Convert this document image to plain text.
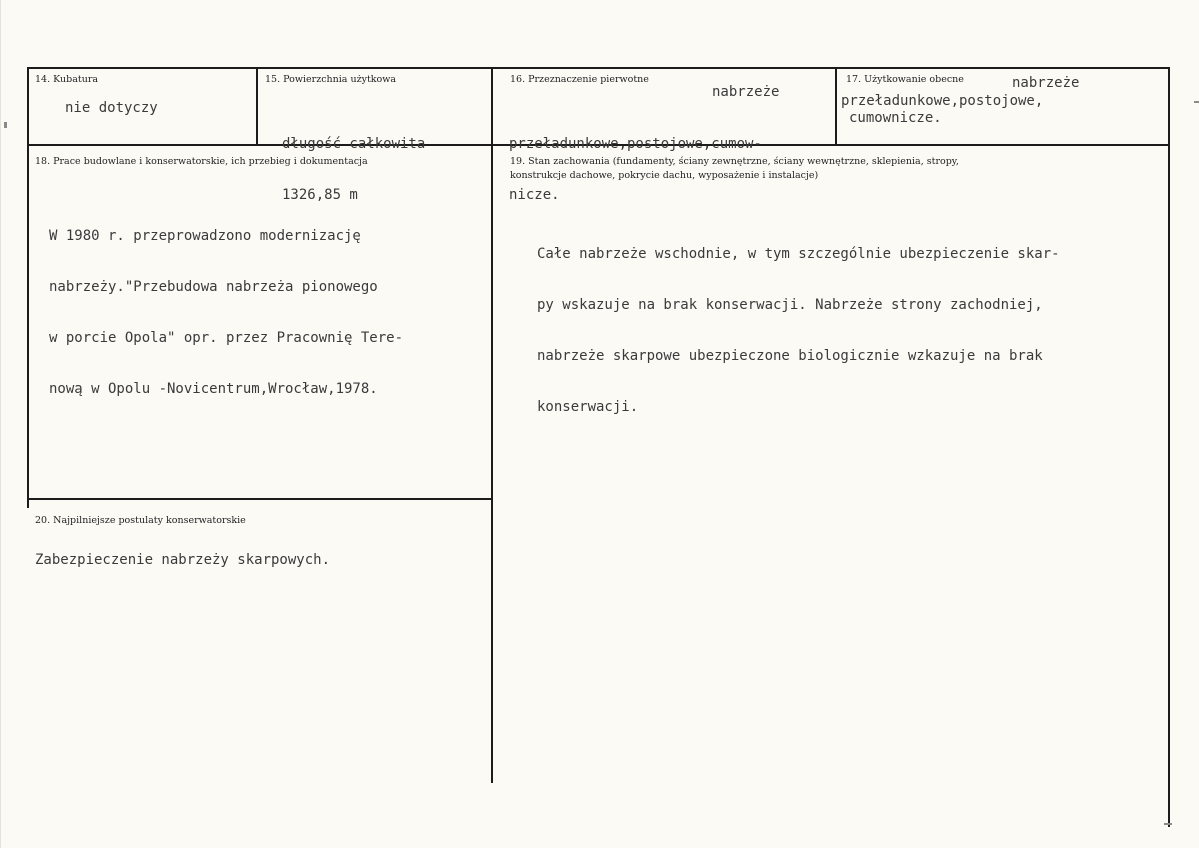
14. Kubatura
nie dotyczy
15. Powierzchnia użytkowa

długość całkowita

1326,85 m

16. Przeznaczenie pierwotne
nabrzeże

przeładunkowe,postojowe,cumow-

nicze.

17. Użytkowanie obecne	nabrzeże
przeładunkowe,postojowe,
cumownicze.
18. Prace budowlane i konserwatorskie, ich przebieg i dokumentacja

W 1980 r. przeprowadzono modernizację

nabrzeży."Przebudowa nabrzeża pionowego

w porcie Opola" opr. przez Pracownię Tere-

nową w Opolu -Novicentrum,Wrocław,1978.

19. Stan zachowania (fundamenty, ściany zewnętrzne, ściany wewnętrzne, sklepienia, stropy,
konstrukcje dachowe, pokrycie dachu, wyposażenie i instalacje)

Całe nabrzeże wschodnie, w tym szczególnie ubezpieczenie skar-

py wskazuje na brak konserwacji. Nabrzeże strony zachodniej,

nabrzeże skarpowe ubezpieczone biologicznie wzkazuje na brak

konserwacji.

20. Najpilniejsze postulaty konserwatorskie
Zabezpieczenie nabrzeży skarpowych.
